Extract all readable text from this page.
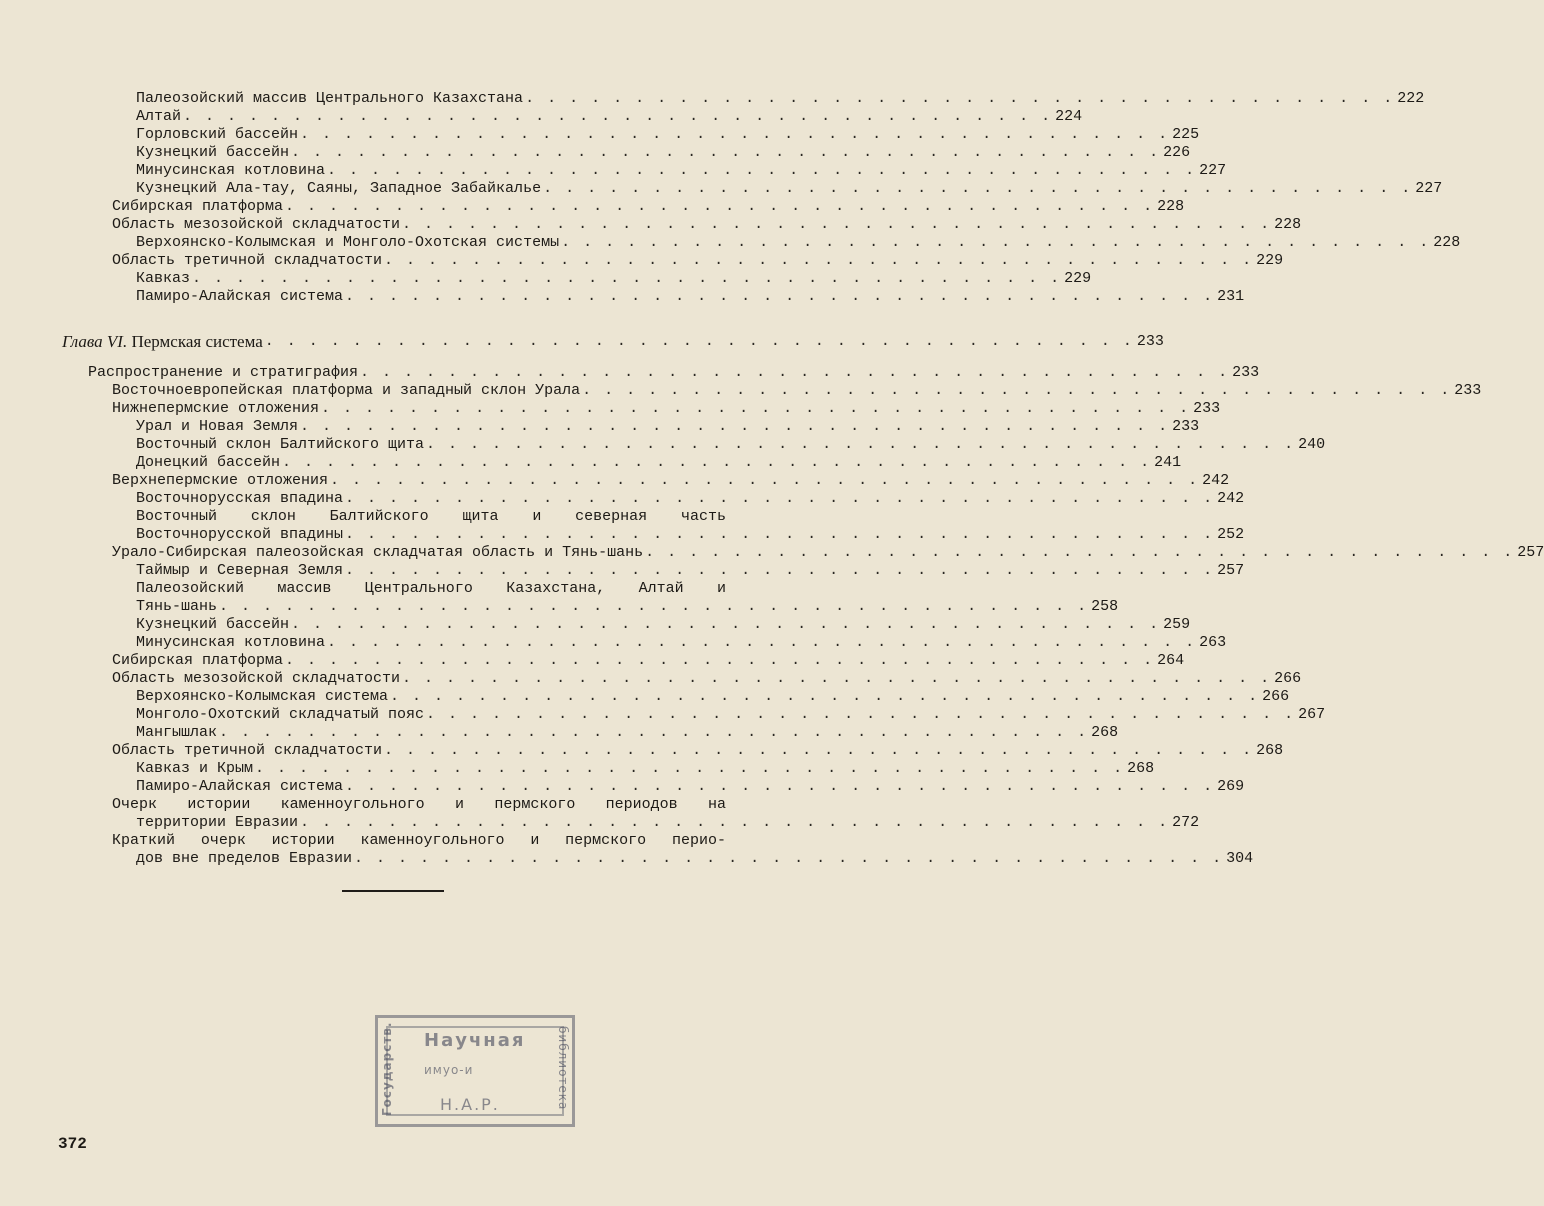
Палеозойский массив Центрального Казахстана . . . . . . . . . . . . . . . . . . . . . . . . . . . . . . . . . . . . . . . . 222
Алтай . . . . . . . . . . . . . . . . . . . . . . . . . . . . . . . . . . . . . . . . 224
Горловский бассейн . . . . . . . . . . . . . . . . . . . . . . . . . . . . . . . . . . . . . . . . 225
Кузнецкий бассейн . . . . . . . . . . . . . . . . . . . . . . . . . . . . . . . . . . . . . . . . 226
Минусинская котловина . . . . . . . . . . . . . . . . . . . . . . . . . . . . . . . . . . . . . . . . 227
Кузнецкий Ала-тау, Саяны, Западное Забайкалье . . . . . . . . . . . . . . . . . . . . . . . . . . . . . . . . . . . . . . . . 227
Сибирская платформа . . . . . . . . . . . . . . . . . . . . . . . . . . . . . . . . . . . . . . . . 228
Область мезозойской складчатости . . . . . . . . . . . . . . . . . . . . . . . . . . . . . . . . . . . . . . . . 228
Верхоянско-Колымская и Монголо-Охотская системы . . . . . . . . . . . . . . . . . . . . . . . . . . . . . . . . . . . . . . . . 228
Область третичной складчатости . . . . . . . . . . . . . . . . . . . . . . . . . . . . . . . . . . . . . . . . 229
Кавказ . . . . . . . . . . . . . . . . . . . . . . . . . . . . . . . . . . . . . . . . 229
Памиро-Алайская система . . . . . . . . . . . . . . . . . . . . . . . . . . . . . . . . . . . . . . . . 231
Глава VI. Пермская система . . . . . . . . . . . . . . . . . . . . . . . . . . . . . . . . . . . . . . . . 233
Распространение и стратиграфия . . . . . . . . . . . . . . . . . . . . . . . . . . . . . . . . . . . . . . . . 233
Восточноевропейская платформа и западный склон Урала . . . . . . . . . . . . . . . . . . . . . . . . . . . . . . . . . . . . . . . . 233
Нижнепермские отложения . . . . . . . . . . . . . . . . . . . . . . . . . . . . . . . . . . . . . . . . 233
Урал и Новая Земля . . . . . . . . . . . . . . . . . . . . . . . . . . . . . . . . . . . . . . . . 233
Восточный склон Балтийского щита . . . . . . . . . . . . . . . . . . . . . . . . . . . . . . . . . . . . . . . . 240
Донецкий бассейн . . . . . . . . . . . . . . . . . . . . . . . . . . . . . . . . . . . . . . . . 241
Верхнепермские отложения . . . . . . . . . . . . . . . . . . . . . . . . . . . . . . . . . . . . . . . . 242
Восточнорусская впадина . . . . . . . . . . . . . . . . . . . . . . . . . . . . . . . . . . . . . . . . 242
Восточный склон Балтийского щита и северная часть
Восточнорусской впадины . . . . . . . . . . . . . . . . . . . . . . . . . . . . . . . . . . . . . . . . 252
Урало-Сибирская палеозойская складчатая область и Тянь-шань . . . . . . . . . . . . . . . . . . . . . . . . . . . . . . . . . . . . . . . . 257
Таймыр и Северная Земля . . . . . . . . . . . . . . . . . . . . . . . . . . . . . . . . . . . . . . . . 257
Палеозойский массив Центрального Казахстана, Алтай и
Тянь-шань . . . . . . . . . . . . . . . . . . . . . . . . . . . . . . . . . . . . . . . . 258
Кузнецкий бассейн . . . . . . . . . . . . . . . . . . . . . . . . . . . . . . . . . . . . . . . . 259
Минусинская котловина . . . . . . . . . . . . . . . . . . . . . . . . . . . . . . . . . . . . . . . . 263
Сибирская платформа . . . . . . . . . . . . . . . . . . . . . . . . . . . . . . . . . . . . . . . . 264
Область мезозойской складчатости . . . . . . . . . . . . . . . . . . . . . . . . . . . . . . . . . . . . . . . . 266
Верхоянско-Колымская система . . . . . . . . . . . . . . . . . . . . . . . . . . . . . . . . . . . . . . . . 266
Монголо-Охотский складчатый пояс . . . . . . . . . . . . . . . . . . . . . . . . . . . . . . . . . . . . . . . . 267
Мангышлак . . . . . . . . . . . . . . . . . . . . . . . . . . . . . . . . . . . . . . . . 268
Область третичной складчатости . . . . . . . . . . . . . . . . . . . . . . . . . . . . . . . . . . . . . . . . 268
Кавказ и Крым . . . . . . . . . . . . . . . . . . . . . . . . . . . . . . . . . . . . . . . . 268
Памиро-Алайская система . . . . . . . . . . . . . . . . . . . . . . . . . . . . . . . . . . . . . . . . 269
Очерк истории каменноугольного и пермского периодов на
территории Евразии . . . . . . . . . . . . . . . . . . . . . . . . . . . . . . . . . . . . . . . . 272
Краткий очерк истории каменноугольного и пермского перио-
дов вне пределов Евразии . . . . . . . . . . . . . . . . . . . . . . . . . . . . . . . . . . . . . . . . 304
Государств.	Научная
имуо-и
Н.А.Р.	библиотека
372
